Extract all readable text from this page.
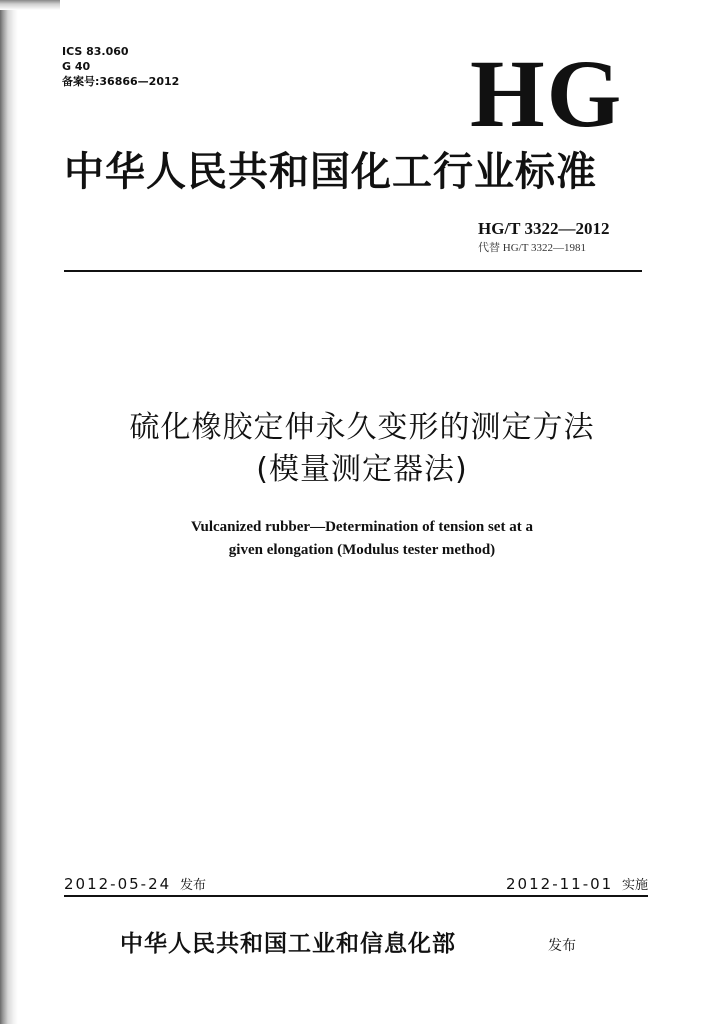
ICS 83.060
G 40
备案号:36866—2012	HG
中华人民共和国化工行业标准
HG/T 3322—2012
代替 HG/T 3322—1981
硫化橡胶定伸永久变形的测定方法
(模量测定器法)
Vulcanized rubber—Determination of tension set at a
given elongation (Modulus tester method)
2012-05-24 发布	2012-11-01 实施
中华人民共和国工业和信息化部	发布
